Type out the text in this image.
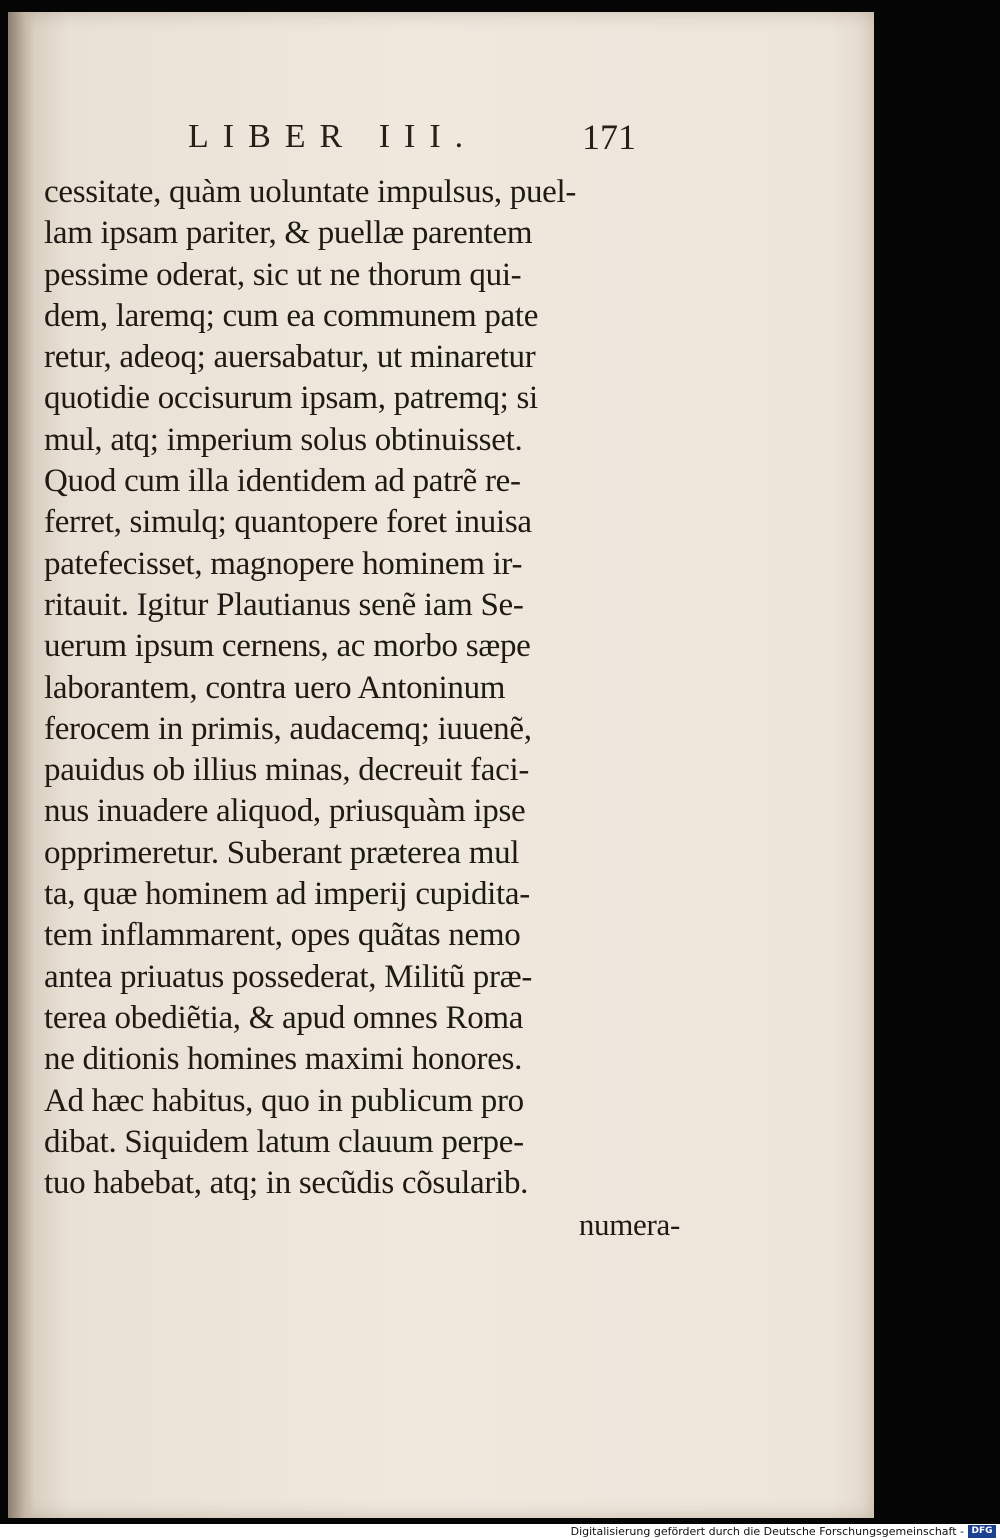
LIBER III.	171
cessitate, quàm uoluntate impulsus, puel-
lam ipsam pariter, & puellæ parentem
pessime oderat, sic ut ne thorum qui-
dem, laremq; cum ea communem pate
retur, adeoq; auersabatur, ut minaretur
quotidie occisurum ipsam, patremq; si
mul, atq; imperium solus obtinuisset.
Quod cum illa identidem ad patrẽ re-
ferret, simulq; quantopere foret inuisa
patefecisset, magnopere hominem ir-
ritauit. Igitur Plautianus senẽ iam Se-
uerum ipsum cernens, ac morbo sæpe
laborantem, contra uero Antoninum
ferocem in primis, audacemq; iuuenẽ,
pauidus ob illius minas, decreuit faci-
nus inuadere aliquod, priusquàm ipse
opprimeretur. Suberant præterea mul
ta, quæ hominem ad imperij cupidita-
tem inflammarent, opes quãtas nemo
antea priuatus possederat, Militũ præ-
terea obediẽtia, & apud omnes Roma
ne ditionis homines maximi honores.
Ad hæc habitus, quo in publicum pro
dibat. Siquidem latum clauum perpe-
tuo habebat, atq; in secũdis cõsularib.
numera-
Digitalisierung gefördert durch die Deutsche Forschungsgemeinschaft - DFG
